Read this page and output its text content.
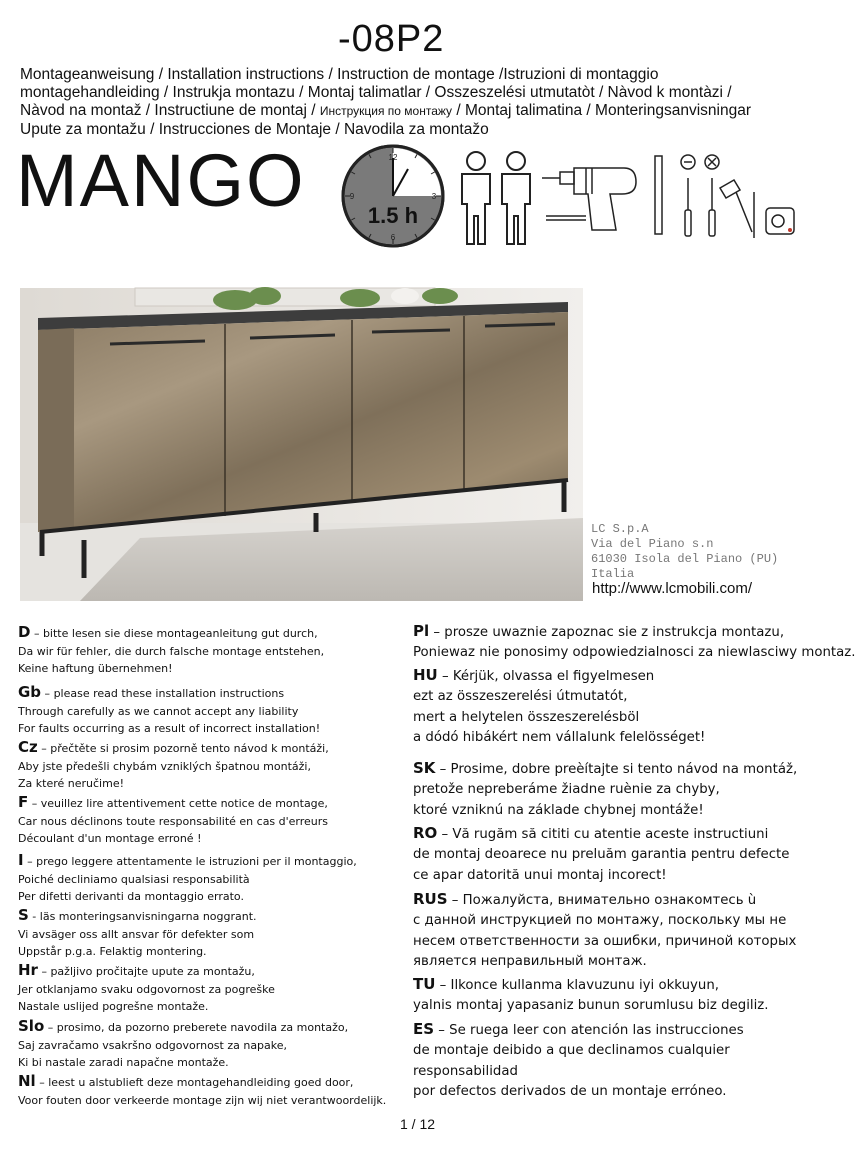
-08P2
Montageanweisung / Installation instructions / Instruction de montage /Istruzioni di montaggio
montagehandleiding / Instrukja montazu / Montaj talimatlar / Osszeszelési utmutatòt / Nàvod k montàzi /
Nàvod na montaž / Instructiune de montaj / Инструкция по монтажу / Montaj talimatina / Monteringsanvisningar
Upute za montažu / Instrucciones de Montaje / Navodila za montažo
MANGO	12
3
6
9
1.5 h
LC S.p.A
Via del Piano s.n
61030 Isola del Piano (PU)
Italia
http://www.lcmobili.com/
D – bitte lesen sie diese montageanleitung gut durch,
Da wir für fehler, die durch falsche montage entstehen,
Keine haftung übernehmen!
Gb – please read these installation instructions
Through carefully as we cannot accept any liability
For faults occurring as a result of incorrect installation!
Cz – přečtěte si prosim pozorně tento návod k montáži,
Aby jste předešli chybám vzniklých špatnou montáži,
Za které neručime!
F – veuillez lire attentivement cette notice de montage,
Car nous déclinons toute responsabilité en cas d'erreurs
Découlant d'un montage erroné !
I – prego leggere attentamente le istruzioni per il montaggio,
Poiché decliniamo qualsiasi responsabilità
Per difetti derivanti da montaggio errato.
S - läs monteringsanvisningarna noggrant.
Vi avsäger oss allt ansvar för defekter som
Uppstår p.g.a. Felaktig montering.
Hr – pažljivo pročitajte upute za montažu,
Jer otklanjamo svaku odgovornost za pogreške
Nastale uslijed pogrešne montaže.
Slo – prosimo, da pozorno preberete navodila za montažo,
Saj zavračamo vsakršno odgovornost za napake,
Ki bi nastale zaradi napačne montaže.
Nl – leest u alstublieft deze montagehandleiding goed door,
Voor fouten door verkeerde montage zijn wij niet verantwoordelijk.
Pl – prosze uwaznie zapoznac sie z instrukcja montazu,
Poniewaz nie ponosimy odpowiedzialnosci za niewlasciwy montaz.
HU – Kérjük, olvassa el figyelmesen
ezt az összeszerelési útmutatót,
mert a helytelen összeszerelésböl
a dódó hibákért nem vállalunk felelösséget!
SK – Prosime, dobre preèítajte si tento návod na montáž,
pretože nepreberáme žiadne ruènie za chyby,
ktoré vzniknú na základe chybnej montáže!
RO – Vă rugăm să cititi cu atentie aceste instructiuni
de montaj deoarece nu preluăm garantia pentru defecte
ce apar datorită unui montaj incorect!
RUS – Пожалуйста, внимательно ознакомтесь ù
с данной инструкцией по монтажу, поскольку мы не
несем ответственности за ошибки, причиной которых
является неправильный монтаж.
TU – Ilkonce kullanma klavuzunu iyi okkuyun,
yalnis montaj yapasaniz bunun sorumlusu biz degiliz.
ES – Se ruega leer con atención las instrucciones
de montaje deibido a que declinamos cualquier
responsabilidad
por defectos derivados de un montaje erróneo.
1 / 12
